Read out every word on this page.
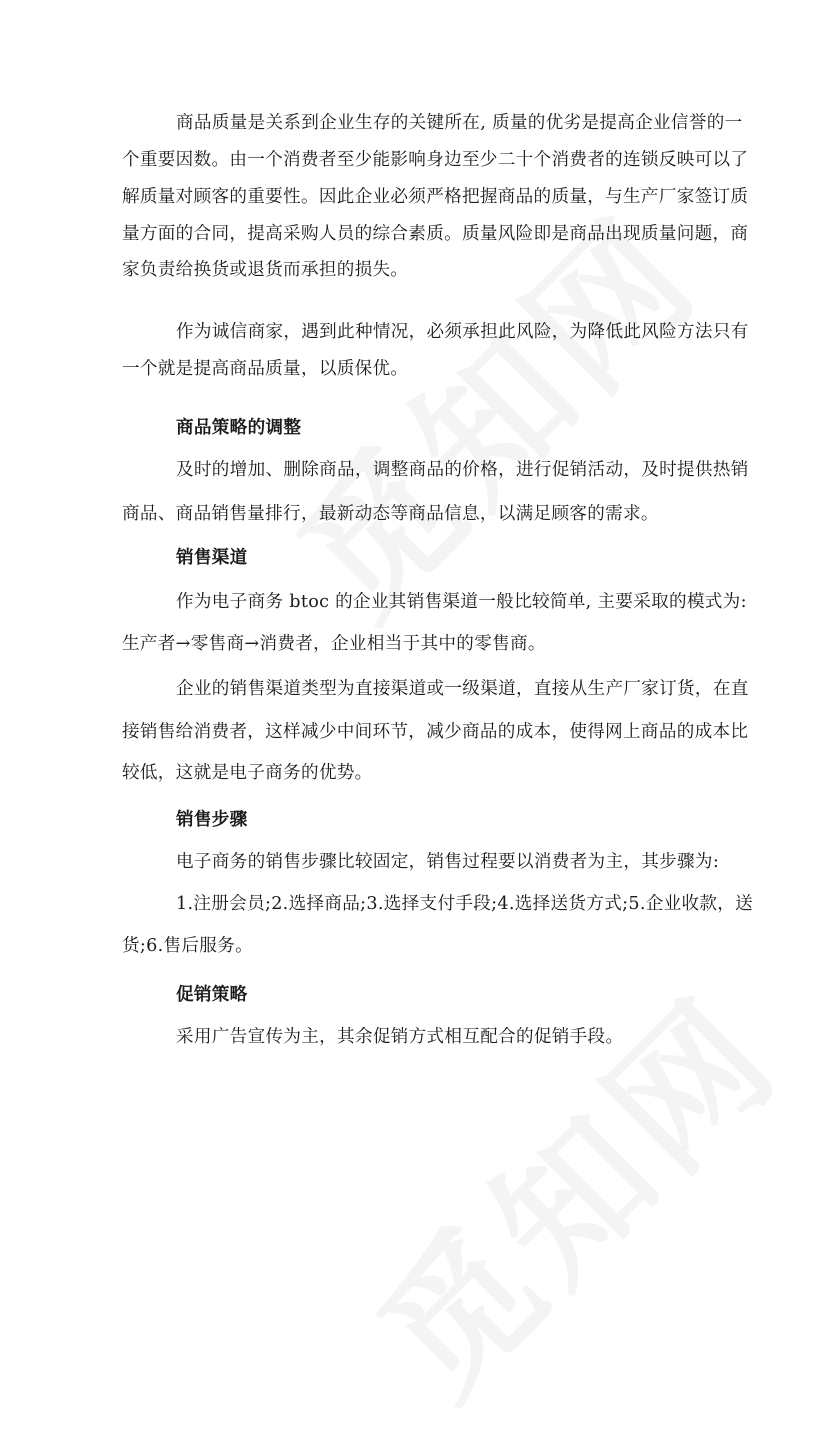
商品质量是关系到企业生存的关键所在, 质量的优劣是提高企业信誉的一
个重要因数。由一个消费者至少能影响身边至少二十个消费者的连锁反映可以了
解质量对顾客的重要性。因此企业必须严格把握商品的质量，与生产厂家签订质
量方面的合同，提高采购人员的综合素质。质量风险即是商品出现质量问题，商
家负责给换货或退货而承担的损失。
作为诚信商家，遇到此种情况，必须承担此风险，为降低此风险方法只有
一个就是提高商品质量，以质保优。
商品策略的调整
及时的增加、删除商品，调整商品的价格，进行促销活动，及时提供热销
商品、商品销售量排行，最新动态等商品信息，以满足顾客的需求。
销售渠道
作为电子商务 btoc 的企业其销售渠道一般比较简单, 主要采取的模式为:
生产者→零售商→消费者，企业相当于其中的零售商。
企业的销售渠道类型为直接渠道或一级渠道，直接从生产厂家订货，在直
接销售给消费者，这样减少中间环节，减少商品的成本，使得网上商品的成本比
较低，这就是电子商务的优势。
销售步骤
电子商务的销售步骤比较固定，销售过程要以消费者为主，其步骤为:
1.注册会员;2.选择商品;3.选择支付手段;4.选择送货方式;5.企业收款，送
货;6.售后服务。
促销策略
采用广告宣传为主，其余促销方式相互配合的促销手段。
